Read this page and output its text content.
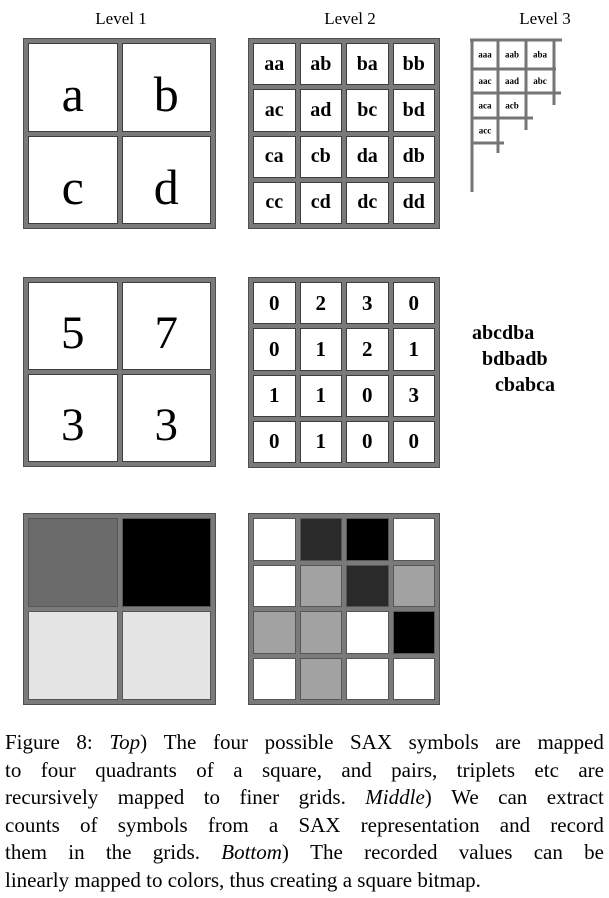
Level 1	Level 2	Level 3
a b
c d
aa ab ba bb
ac ad bc bd
ca cb da db
cc cd dc dd
aaa aab aba
aac aad abc
aca acb
acc
5 7
3 3
0 2 3 0
0 1 2 1
1 1 0 3
0 1 0 0
abcdba
bdbadb
cbabca
Figure 8: Top) The four possible SAX symbols are mapped
to four quadrants of a square, and pairs, triplets etc are
recursively mapped to finer grids. Middle) We can extract
counts of symbols from a SAX representation and record
them in the grids. Bottom) The recorded values can be
linearly mapped to colors, thus creating a square bitmap.
